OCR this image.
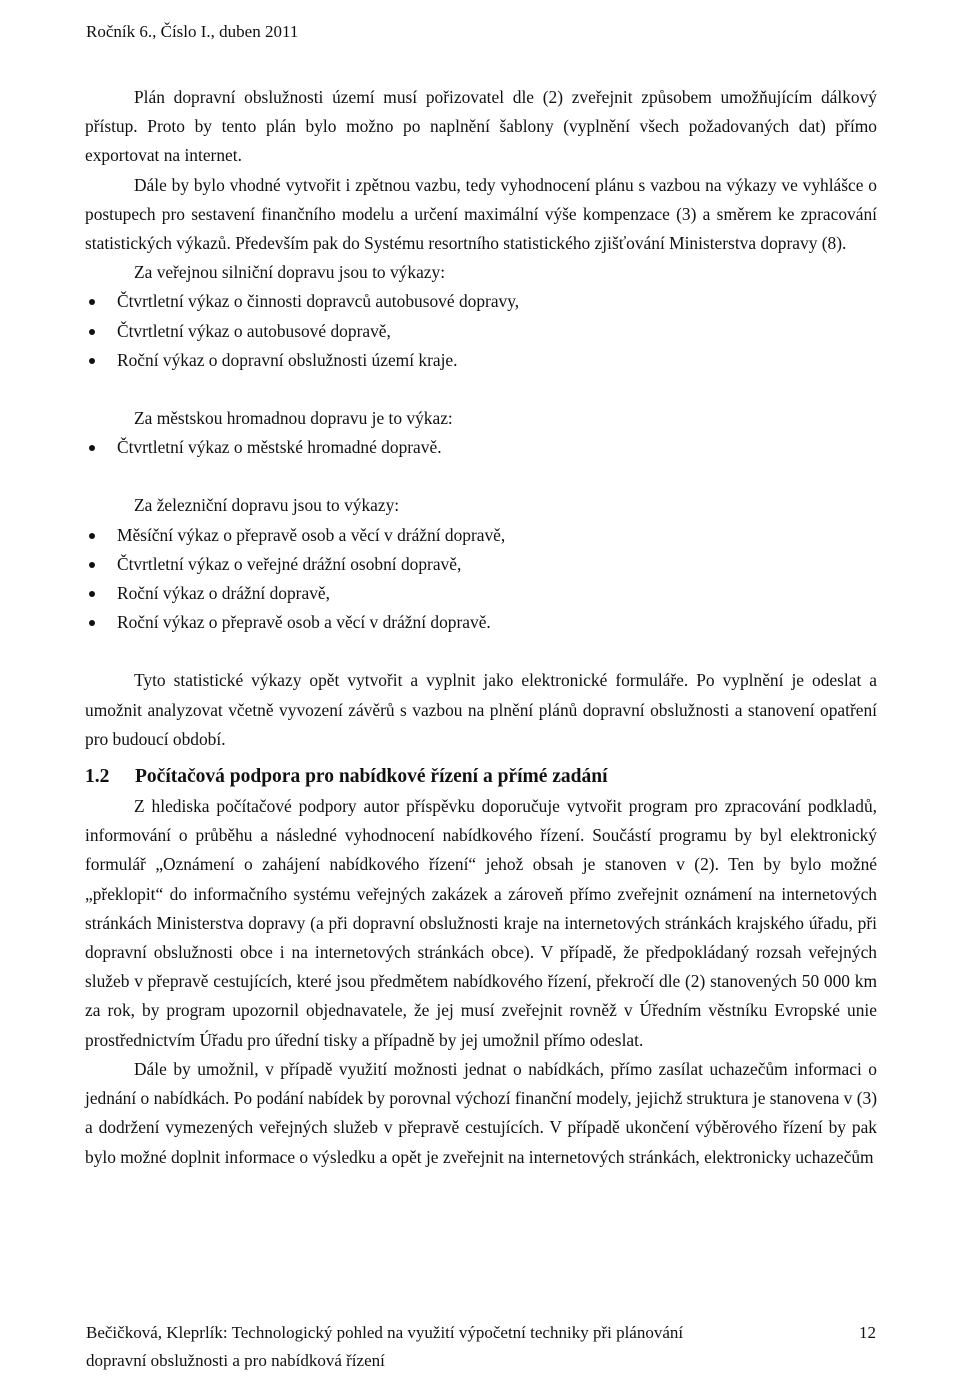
Ročník 6., Číslo I., duben 2011

Plán dopravní obslužnosti území musí pořizovatel dle (2) zveřejnit způsobem umožňujícím dálkový přístup. Proto by tento plán bylo možno po naplnění šablony (vyplnění všech požadovaných dat) přímo exportovat na internet.

Dále by bylo vhodné vytvořit i zpětnou vazbu, tedy vyhodnocení plánu s vazbou na výkazy ve vyhlášce o postupech pro sestavení finančního modelu a určení maximální výše kompenzace (3) a směrem ke zpracování statistických výkazů. Především pak do Systému resortního statistického zjišťování Ministerstva dopravy (8).

Za veřejnou silniční dopravu jsou to výkazy:
Čtvrtletní výkaz o činnosti dopravců autobusové dopravy,
Čtvrtletní výkaz o autobusové dopravě,
Roční výkaz o dopravní obslužnosti území kraje.
Za městskou hromadnou dopravu je to výkaz:
Čtvrtletní výkaz o městské hromadné dopravě.
Za železniční dopravu jsou to výkazy:
Měsíční výkaz o přepravě osob a věcí v drážní dopravě,
Čtvrtletní výkaz o veřejné drážní osobní dopravě,
Roční výkaz o drážní dopravě,
Roční výkaz o přepravě osob a věcí v drážní dopravě.

Tyto statistické výkazy opět vytvořit a vyplnit jako elektronické formuláře. Po vyplnění je odeslat a umožnit analyzovat včetně vyvození závěrů s vazbou na plnění plánů dopravní obslužnosti a stanovení opatření pro budoucí období.

1.2 Počítačová podpora pro nabídkové řízení a přímé zadání

Z hlediska počítačové podpory autor příspěvku doporučuje vytvořit program pro zpracování podkladů, informování o průběhu a následné vyhodnocení nabídkového řízení. Součástí programu by byl elektronický formulář „Oznámení o zahájení nabídkového řízení“ jehož obsah je stanoven v (2). Ten by bylo možné „překlopit“ do informačního systému veřejných zakázek a zároveň přímo zveřejnit oznámení na internetových stránkách Ministerstva dopravy (a při dopravní obslužnosti kraje na internetových stránkách krajského úřadu, při dopravní obslužnosti obce i na internetových stránkách obce). V případě, že předpokládaný rozsah veřejných služeb v přepravě cestujících, které jsou předmětem nabídkového řízení, překročí dle (2) stanovených 50 000 km za rok, by program upozornil objednavatele, že jej musí zveřejnit rovněž v Úředním věstníku Evropské unie prostřednictvím Úřadu pro úřední tisky a případně by jej umožnil přímo odeslat.

Dále by umožnil, v případě využití možnosti jednat o nabídkách, přímo zasílat uchazečům informaci o jednání o nabídkách. Po podání nabídek by porovnal výchozí finanční modely, jejichž struktura je stanovena v (3) a dodržení vymezených veřejných služeb v přepravě cestujících. V případě ukončení výběrového řízení by pak bylo možné doplnit informace o výsledku a opět je zveřejnit na internetových stránkách, elektronicky uchazečům

Bečičková, Kleprlík: Technologický pohled na využití výpočetní techniky při plánování	12
dopravní obslužnosti a pro nabídková řízení
